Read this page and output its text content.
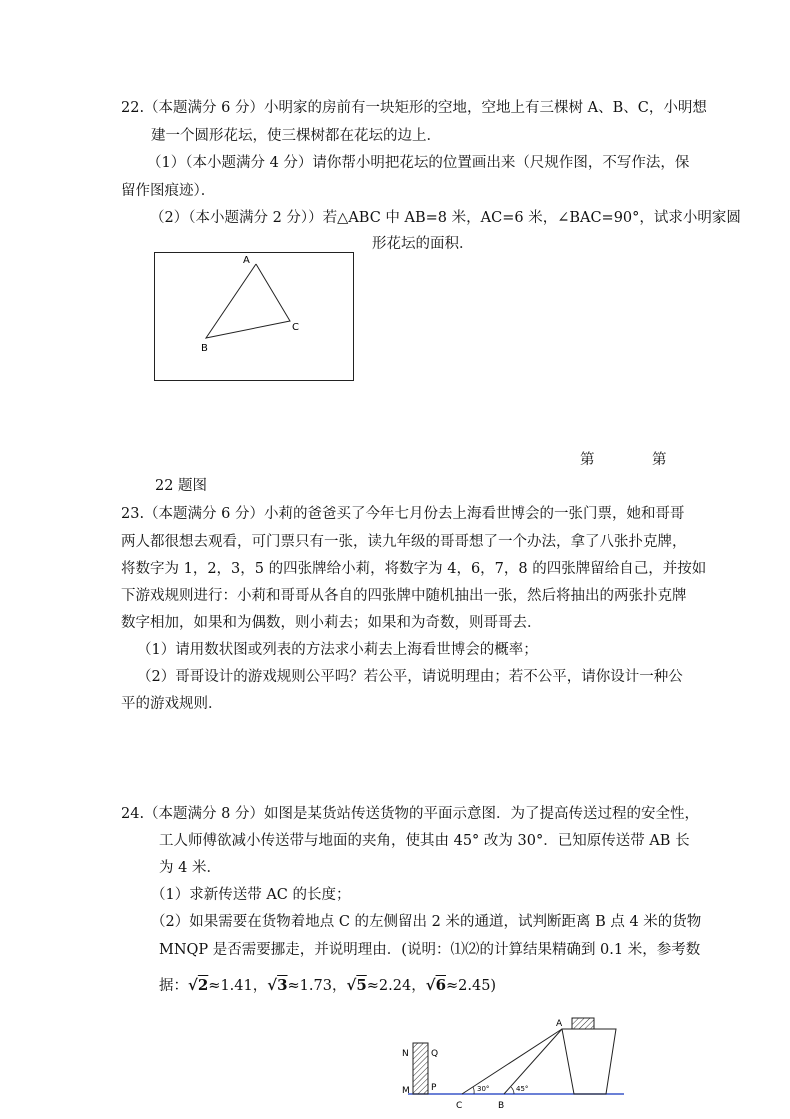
22.（本题满分 6 分）小明家的房前有一块矩形的空地，空地上有三棵树 A、B、C，小明想
建一个圆形花坛，使三棵树都在花坛的边上．
（1）（本小题满分 4 分）请你帮小明把花坛的位置画出来（尺规作图，不写作法，保
留作图痕迹）．
（2）（本小题满分 2 分））若△ABC 中 AB=8 米，AC=6 米，∠BAC=90°，试求小明家圆
形花坛的面积．
A
B
C
第	第
22 题图
23.（本题满分 6 分）小莉的爸爸买了今年七月份去上海看世博会的一张门票，她和哥哥
两人都很想去观看，可门票只有一张，读九年级的哥哥想了一个办法，拿了八张扑克牌，
将数字为 1，2，3，5 的四张牌给小莉，将数字为 4，6，7，8 的四张牌留给自己，并按如
下游戏规则进行：小莉和哥哥从各自的四张牌中随机抽出一张，然后将抽出的两张扑克牌
数字相加，如果和为偶数，则小莉去；如果和为奇数，则哥哥去．
（1）请用数状图或列表的方法求小莉去上海看世博会的概率；
（2）哥哥设计的游戏规则公平吗？若公平，请说明理由；若不公平，请你设计一种公
平的游戏规则．
24.（本题满分 8 分）如图是某货站传送货物的平面示意图．为了提高传送过程的安全性，
工人师傅欲减小传送带与地面的夹角，使其由 45° 改为 30°．已知原传送带 AB 长
为 4 米．
（1）求新传送带 AC 的长度；
（2）如果需要在货物着地点 C 的左侧留出 2 米的通道，试判断距离 B 点 4 米的货物
MNQP 是否需要挪走，并说明理由．(说明：⑴⑵的计算结果精确到 0.1 米，参考数
据：√2≈1.41，√3≈1.73，√5≈2.24，√6≈2.45)
A
N Q
M P
C	B
30°	45°
